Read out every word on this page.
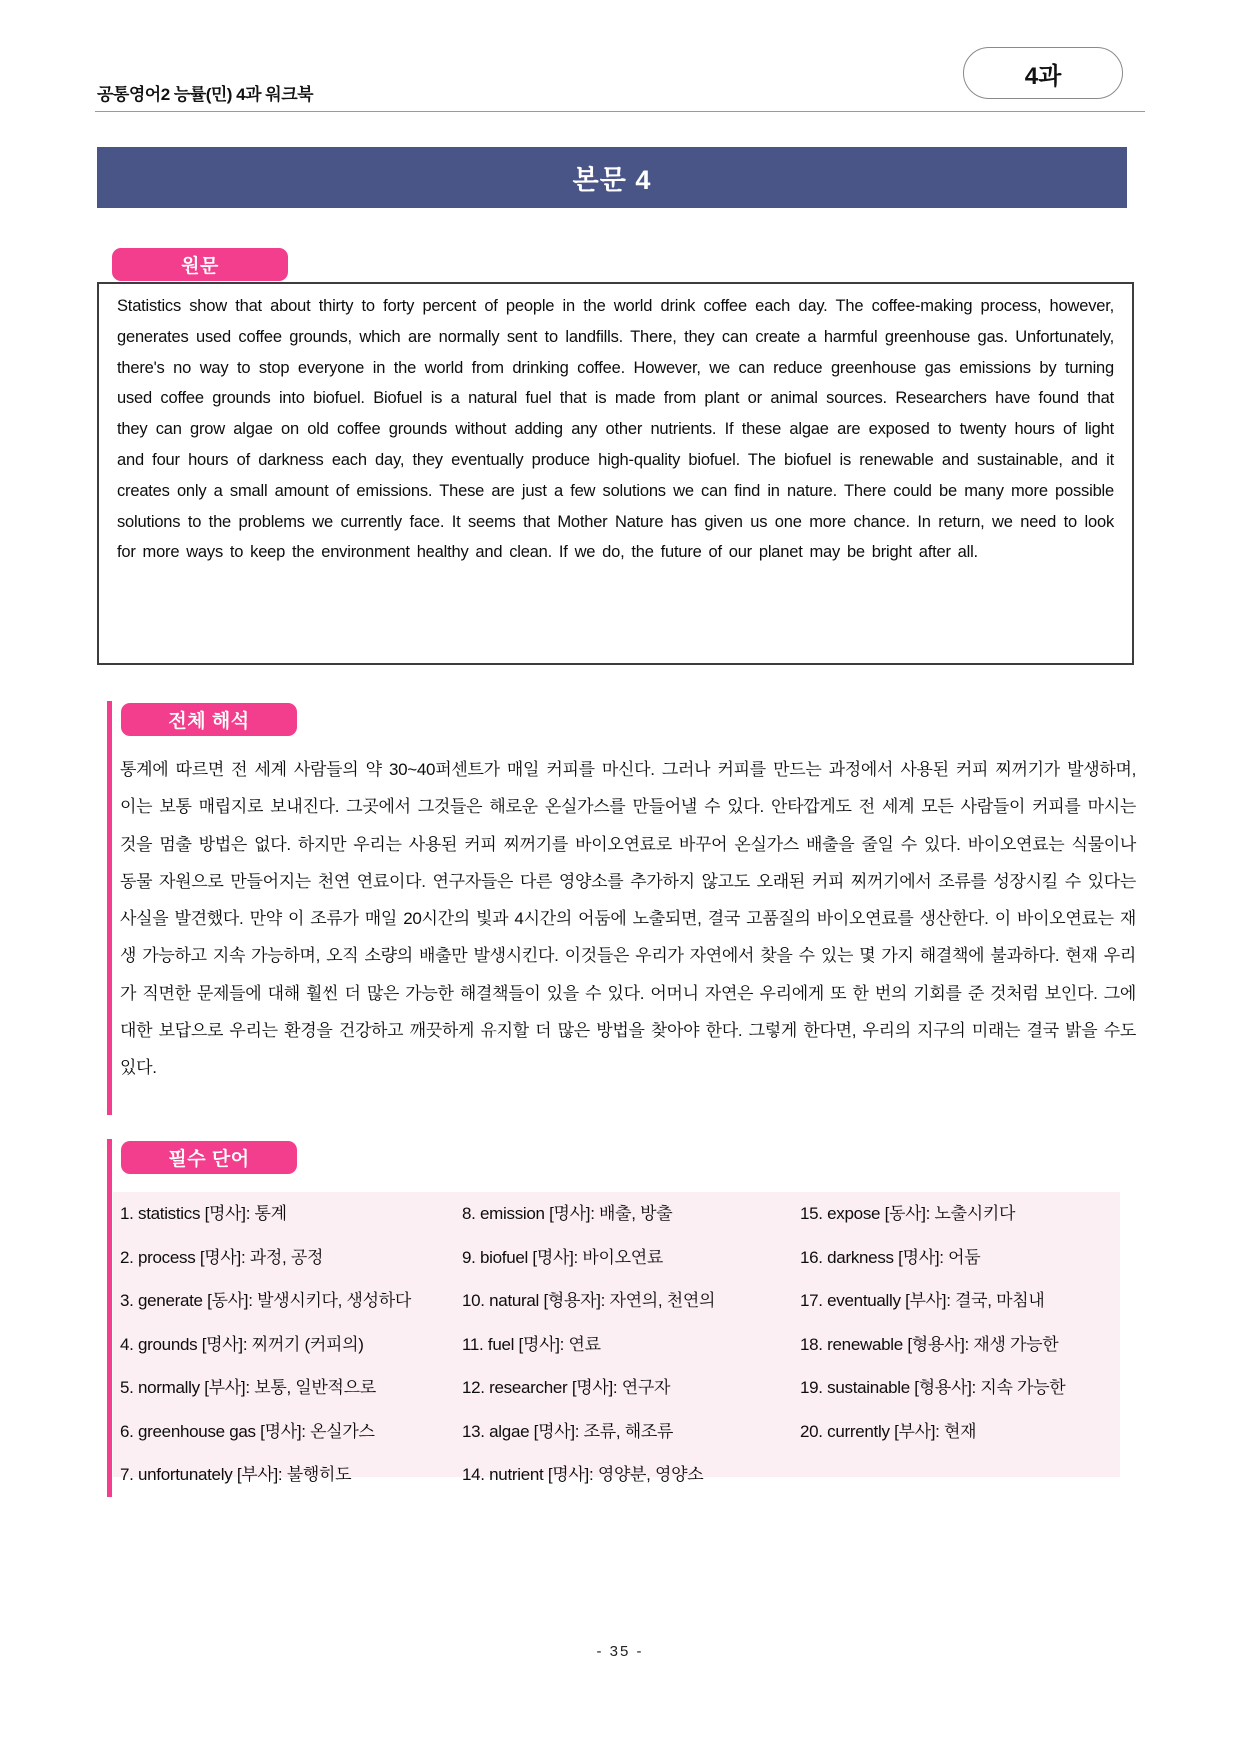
공통영어2 능률(민) 4과 워크북
4과
본문 4
원문

Statistics show that about thirty to forty percent of people in the world drink coffee each day. The coffee-making process, however, generates used coffee grounds, which are normally sent to landfills. There, they can create a harmful greenhouse gas. Unfortunately, there's no way to stop everyone in the world from drinking coffee. However, we can reduce greenhouse gas emissions by turning used coffee grounds into biofuel. Biofuel is a natural fuel that is made from plant or animal sources. Researchers have found that they can grow algae on old coffee grounds without adding any other nutrients. If these algae are exposed to twenty hours of light and four hours of darkness each day, they eventually produce high-quality biofuel. The biofuel is renewable and sustainable, and it creates only a small amount of emissions. These are just a few solutions we can find in nature. There could be many more possible solutions to the problems we currently face. It seems that Mother Nature has given us one more chance. In return, we need to look for more ways to keep the environment healthy and clean. If we do, the future of our planet may be bright after all.

전체 해석
통계에 따르면 전 세계 사람들의 약 30~40퍼센트가 매일 커피를 마신다. 그러나 커피를 만드는 과정에서 사용된 커피 찌꺼기가 발생하며, 이는 보통 매립지로 보내진다. 그곳에서 그것들은 해로운 온실가스를 만들어낼 수 있다. 안타깝게도 전 세계 모든 사람들이 커피를 마시는 것을 멈출 방법은 없다. 하지만 우리는 사용된 커피 찌꺼기를 바이오연료로 바꾸어 온실가스 배출을 줄일 수 있다. 바이오연료는 식물이나 동물 자원으로 만들어지는 천연 연료이다. 연구자들은 다른 영양소를 추가하지 않고도 오래된 커피 찌꺼기에서 조류를 성장시킬 수 있다는 사실을 발견했다. 만약 이 조류가 매일 20시간의 빛과 4시간의 어둠에 노출되면, 결국 고품질의 바이오연료를 생산한다. 이 바이오연료는 재생 가능하고 지속 가능하며, 오직 소량의 배출만 발생시킨다. 이것들은 우리가 자연에서 찾을 수 있는 몇 가지 해결책에 불과하다. 현재 우리가 직면한 문제들에 대해 훨씬 더 많은 가능한 해결책들이 있을 수 있다. 어머니 자연은 우리에게 또 한 번의 기회를 준 것처럼 보인다. 그에 대한 보답으로 우리는 환경을 건강하고 깨끗하게 유지할 더 많은 방법을 찾아야 한다. 그렇게 한다면, 우리의 지구의 미래는 결국 밝을 수도 있다.
필수 단어
1. statistics [명사]: 통계
2. process [명사]: 과정, 공정
3. generate [동사]: 발생시키다, 생성하다
4. grounds [명사]: 찌꺼기 (커피의)
5. normally [부사]: 보통, 일반적으로
6. greenhouse gas [명사]: 온실가스
7. unfortunately [부사]: 불행히도
8. emission [명사]: 배출, 방출
9. biofuel [명사]: 바이오연료
10. natural [형용자]: 자연의, 천연의
11. fuel [명사]: 연료
12. researcher [명사]: 연구자
13. algae [명사]: 조류, 해조류
14. nutrient [명사]: 영양분, 영양소
15. expose [동사]: 노출시키다
16. darkness [명사]: 어둠
17. eventually [부사]: 결국, 마침내
18. renewable [형용사]: 재생 가능한
19. sustainable [형용사]: 지속 가능한
20. currently [부사]: 현재
- 35 -
